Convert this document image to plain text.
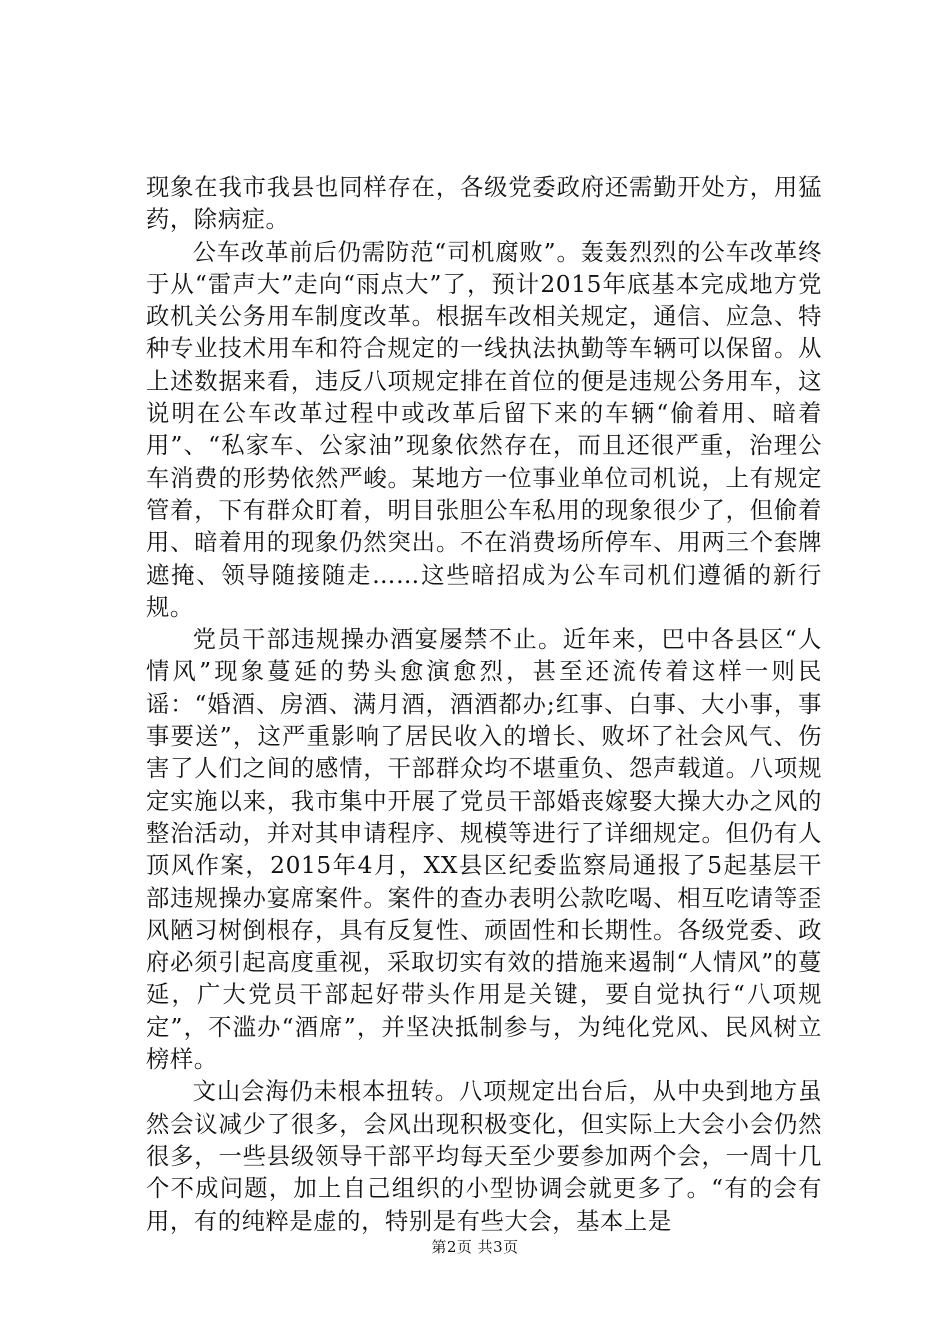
现象在我市我县也同样存在，各级党委政府还需勤开处方，用猛药，除病症。

公车改革前后仍需防范“司机腐败”。轰轰烈烈的公车改革终于从“雷声大”走向“雨点大”了，预计2015年底基本完成地方党政机关公务用车制度改革。根据车改相关规定，通信、应急、特种专业技术用车和符合规定的一线执法执勤等车辆可以保留。从上述数据来看，违反八项规定排在首位的便是违规公务用车，这说明在公车改革过程中或改革后留下来的车辆“偷着用、暗着用”、“私家车、公家油”现象依然存在，而且还很严重，治理公车消费的形势依然严峻。某地方一位事业单位司机说，上有规定管着，下有群众盯着，明目张胆公车私用的现象很少了，但偷着用、暗着用的现象仍然突出。不在消费场所停车、用两三个套牌遮掩、领导随接随走……这些暗招成为公车司机们遵循的新行规。

党员干部违规操办酒宴屡禁不止。近年来，巴中各县区“人情风”现象蔓延的势头愈演愈烈，甚至还流传着这样一则民谣：“婚酒、房酒、满月酒，酒酒都办;红事、白事、大小事，事事要送”，这严重影响了居民收入的增长、败坏了社会风气、伤害了人们之间的感情，干部群众均不堪重负、怨声载道。八项规定实施以来，我市集中开展了党员干部婚丧嫁娶大操大办之风的整治活动，并对其申请程序、规模等进行了详细规定。但仍有人顶风作案，2015年4月，XX县区纪委监察局通报了5起基层干部违规操办宴席案件。案件的查办表明公款吃喝、相互吃请等歪风陋习树倒根存，具有反复性、顽固性和长期性。各级党委、政府必须引起高度重视，采取切实有效的措施来遏制“人情风”的蔓延，广大党员干部起好带头作用是关键，要自觉执行“八项规定”，不滥办“酒席”，并坚决抵制参与，为纯化党风、民风树立榜样。

文山会海仍未根本扭转。八项规定出台后，从中央到地方虽然会议减少了很多，会风出现积极变化，但实际上大会小会仍然很多，一些县级领导干部平均每天至少要参加两个会，一周十几个不成问题，加上自己组织的小型协调会就更多了。“有的会有用，有的纯粹是虚的，特别是有些大会，基本上是

第2页 共3页
